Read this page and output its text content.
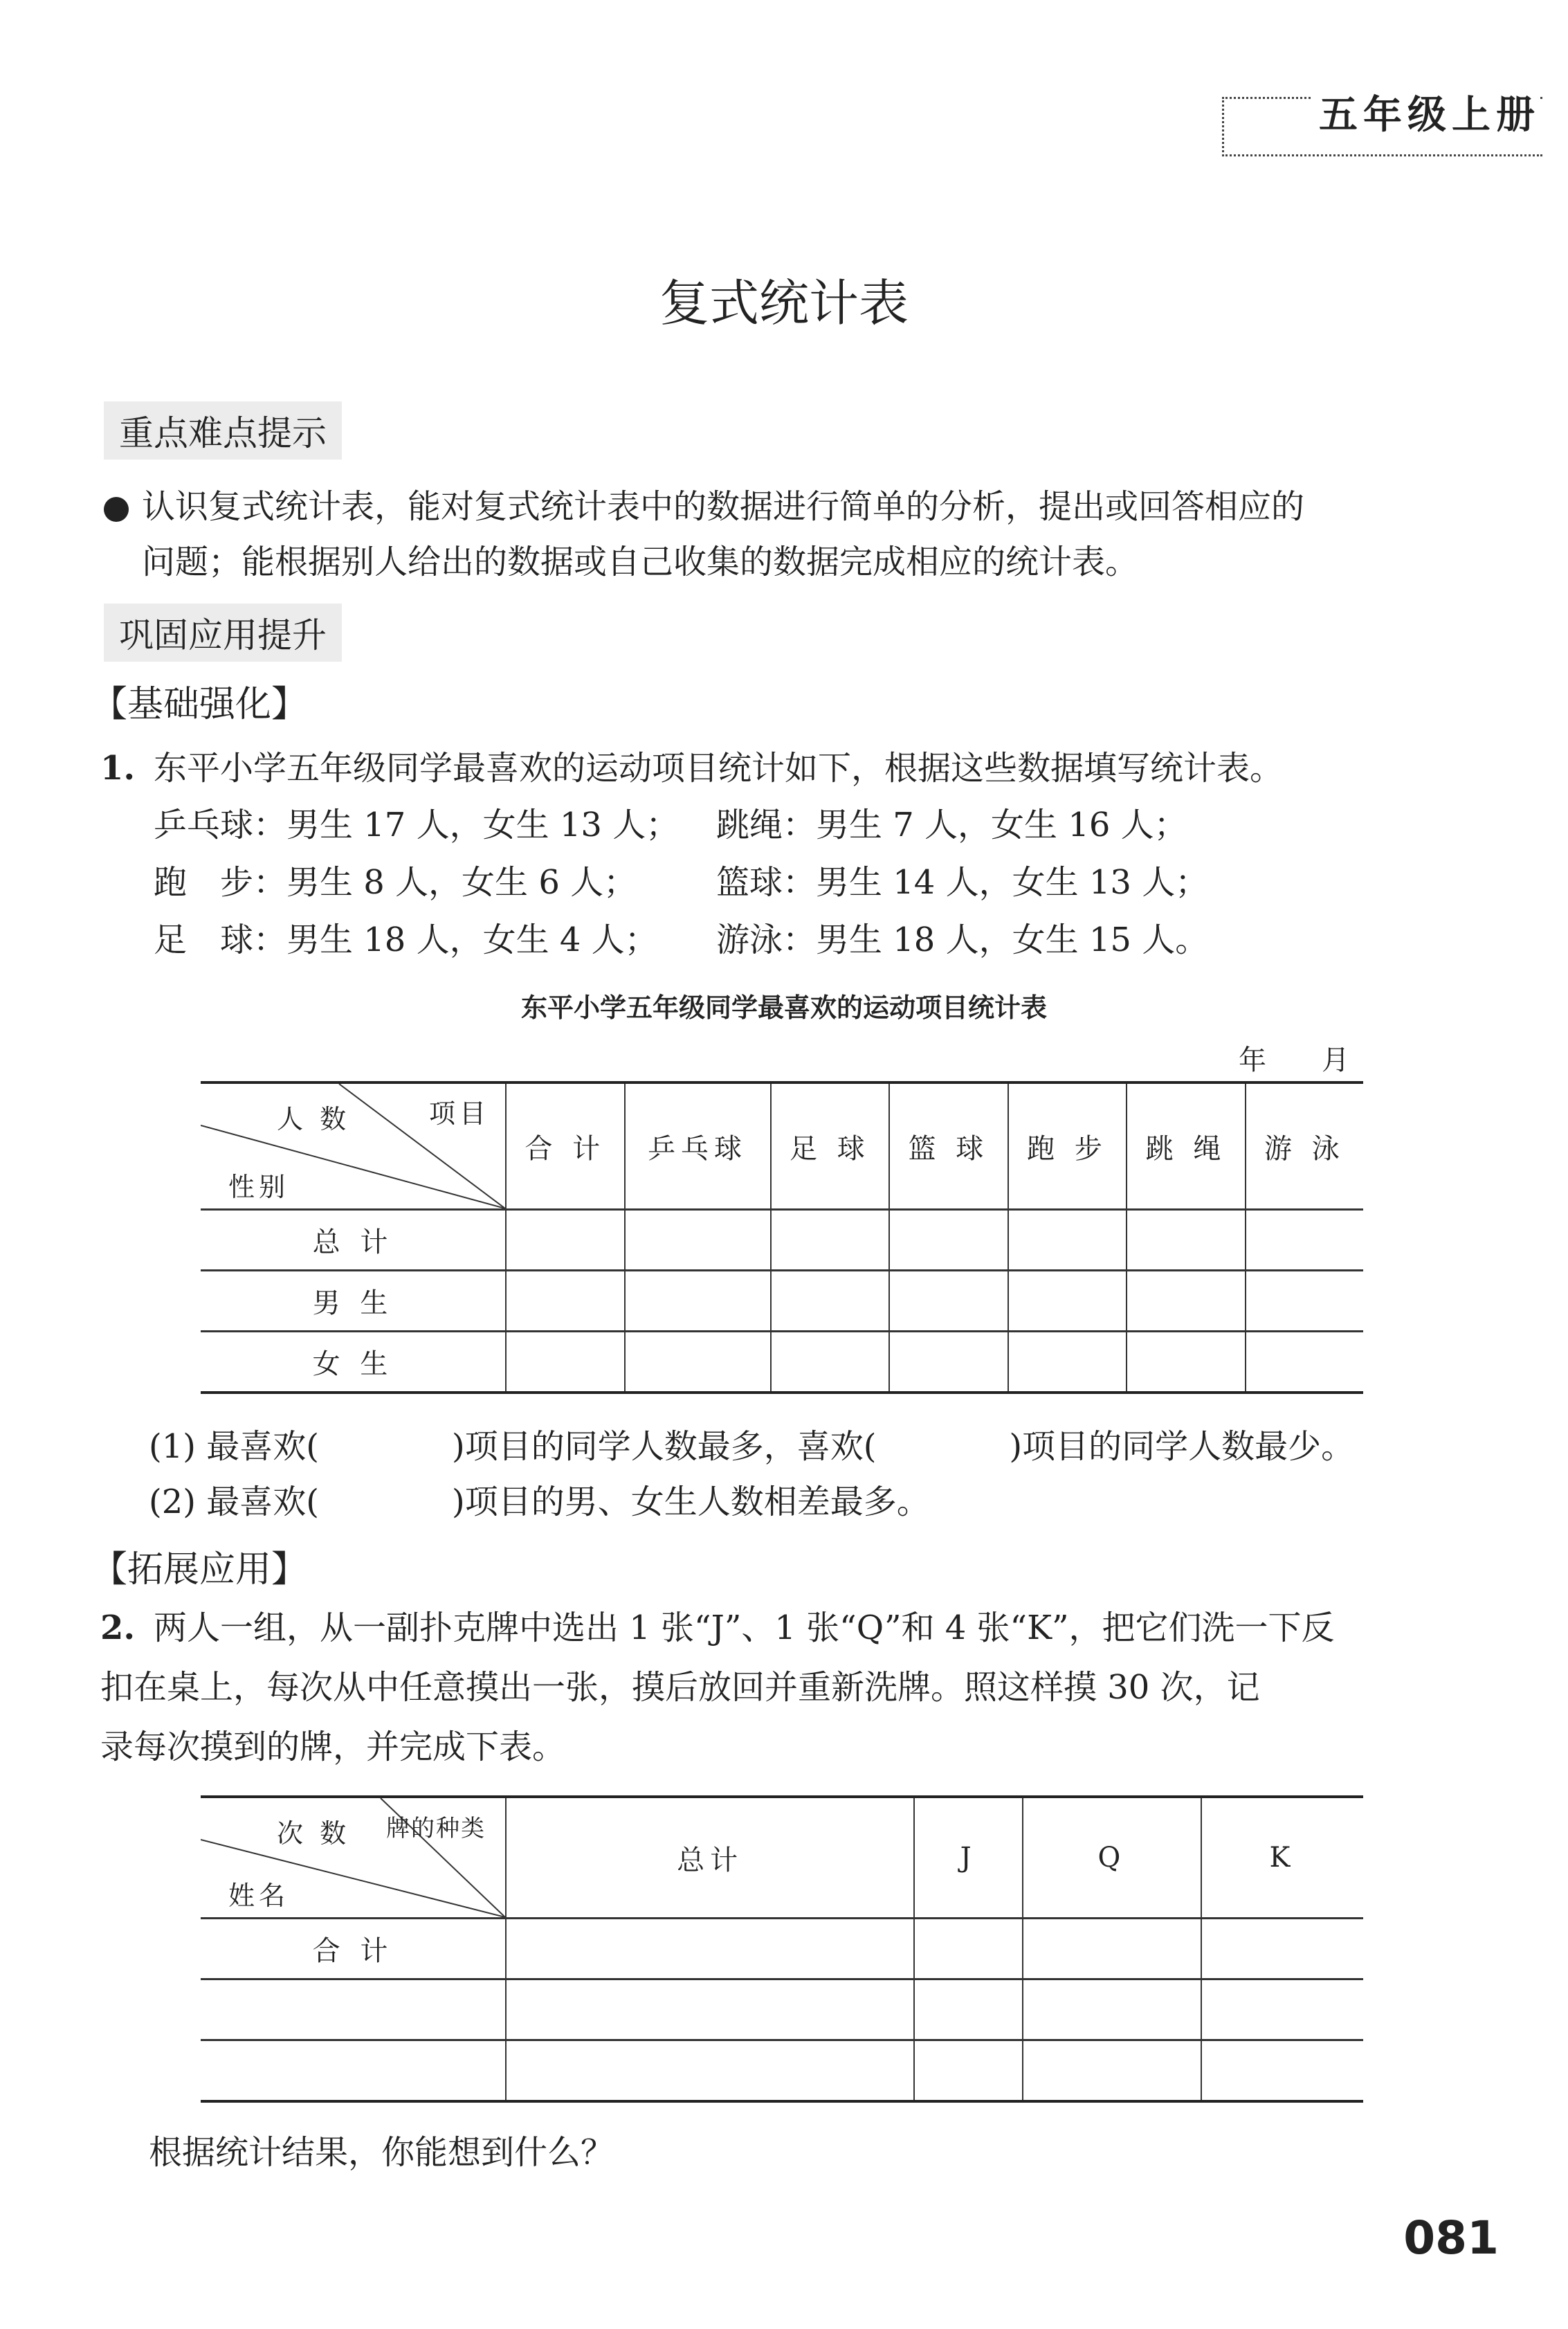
五年级上册
复式统计表
重点难点提示
认识复式统计表，能对复式统计表中的数据进行简单的分析，提出或回答相应的
问题；能根据别人给出的数据或自己收集的数据完成相应的统计表。
巩固应用提升
【基础强化】
1. 东平小学五年级同学最喜欢的运动项目统计如下，根据这些数据填写统计表。
乒乓球：男生 17 人，女生 13 人； 跳绳：男生 7 人，女生 16 人；
跑　步：男生 8 人，女生 6 人； 篮球：男生 14 人，女生 13 人；
足　球：男生 18 人，女生 4 人； 游泳：男生 18 人，女生 15 人。
东平小学五年级同学最喜欢的运动项目统计表
年　　月
人 数 项目
性别	合 计	乒乓球	足 球	篮 球	跑 步	跳 绳	游 泳
总 计							
男 生							
女 生							
(1) 最喜欢(　　　　)项目的同学人数最多，喜欢(　　　　)项目的同学人数最少。
(2) 最喜欢(　　　　)项目的男、女生人数相差最多。
【拓展应用】
2. 两人一组，从一副扑克牌中选出 1 张“J”、1 张“Q”和 4 张“K”，把它们洗一下反
扣在桌上，每次从中任意摸出一张，摸后放回并重新洗牌。照这样摸 30 次，记
录每次摸到的牌，并完成下表。
次 数 牌的种类
姓名	总计	J	Q	K
合 计				

根据统计结果，你能想到什么？
081
